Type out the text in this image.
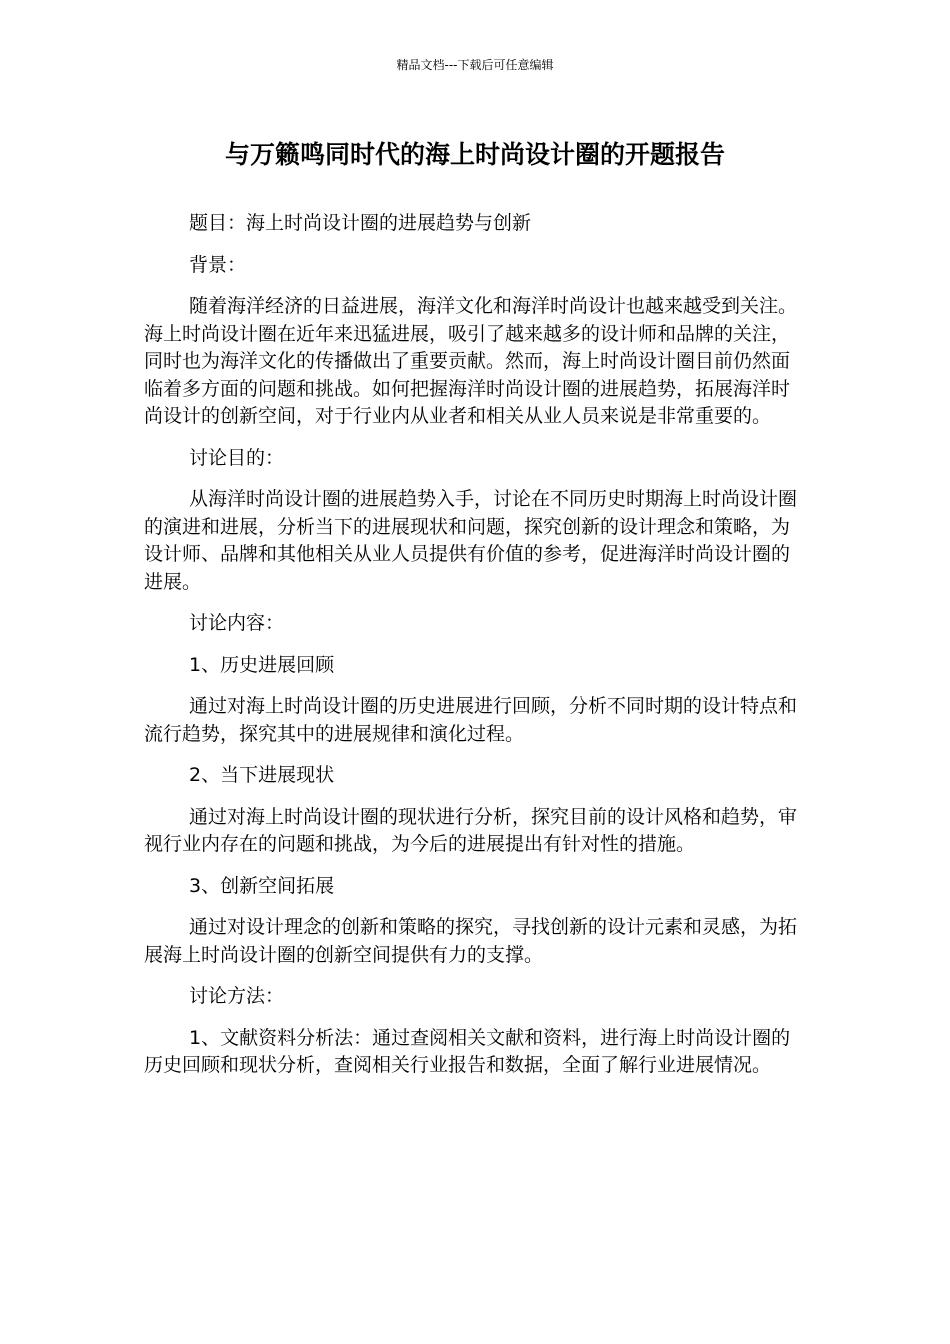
精品文档---下载后可任意编辑
与万籁鸣同时代的海上时尚设计圈的开题报告

题目：海上时尚设计圈的进展趋势与创新

背景：

随着海洋经济的日益进展，海洋文化和海洋时尚设计也越来越受到关注。海上时尚设计圈在近年来迅猛进展，吸引了越来越多的设计师和品牌的关注，同时也为海洋文化的传播做出了重要贡献。然而，海上时尚设计圈目前仍然面临着多方面的问题和挑战。如何把握海洋时尚设计圈的进展趋势，拓展海洋时尚设计的创新空间，对于行业内从业者和相关从业人员来说是非常重要的。

讨论目的：

从海洋时尚设计圈的进展趋势入手，讨论在不同历史时期海上时尚设计圈的演进和进展，分析当下的进展现状和问题，探究创新的设计理念和策略，为设计师、品牌和其他相关从业人员提供有价值的参考，促进海洋时尚设计圈的进展。

讨论内容：

1、历史进展回顾

通过对海上时尚设计圈的历史进展进行回顾，分析不同时期的设计特点和流行趋势，探究其中的进展规律和演化过程。

2、当下进展现状

通过对海上时尚设计圈的现状进行分析，探究目前的设计风格和趋势，审视行业内存在的问题和挑战，为今后的进展提出有针对性的措施。

3、创新空间拓展

通过对设计理念的创新和策略的探究，寻找创新的设计元素和灵感，为拓展海上时尚设计圈的创新空间提供有力的支撑。

讨论方法：

1、文献资料分析法：通过查阅相关文献和资料，进行海上时尚设计圈的历史回顾和现状分析，查阅相关行业报告和数据，全面了解行业进展情况。
